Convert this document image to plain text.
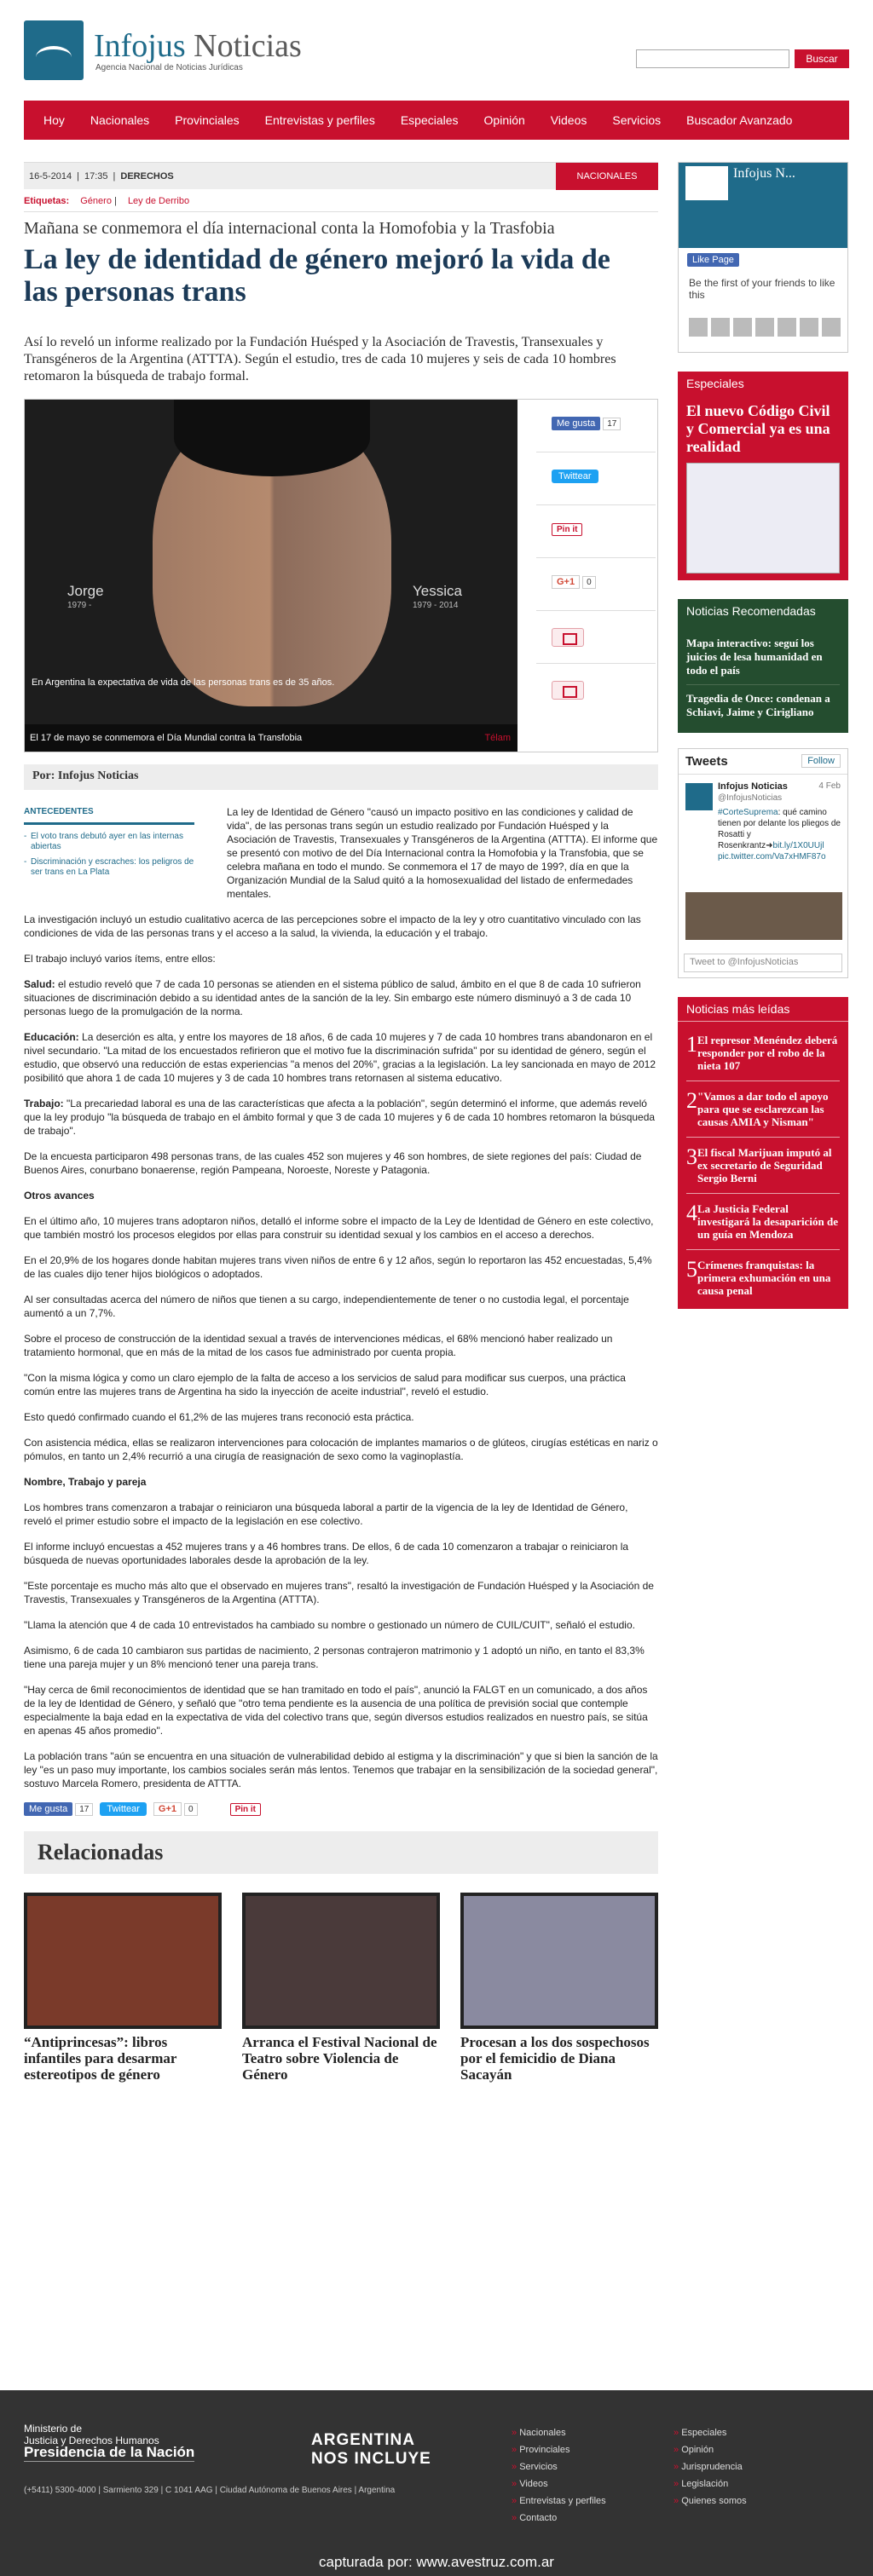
Infojus Noticias
Agencia Nacional de Noticias Jurídicas
Buscar
Hoy	Nacionales	Provinciales	Entrevistas y perfiles	Especiales	Opinión	Videos	Servicios	Buscador Avanzado
16-5-2014 | 17:35 | DERECHOS	NACIONALES
Etiquetas: Género | Ley de Derribo
Mañana se conmemora el día internacional conta la Homofobia y la Trasfobia
La ley de identidad de género mejoró la vida de las personas trans
Así lo reveló un informe realizado por la Fundación Huésped y la Asociación de Travestis, Transexuales y Transgéneros de la Argentina (ATTTA). Según el estudio, tres de cada 10 mujeres y seis de cada 10 hombres retomaron la búsqueda de trabajo formal.
Jorge
1979 -
Yessica
1979 - 2014
En Argentina la expectativa de vida de las personas trans es de 35 años.
El 17 de mayo se conmemora el Día Mundial contra la Transfobia	Télam
Me gusta 17
Twittear
Pin it
G+1 0
Por: Infojus Noticias
ANTECEDENTES
- El voto trans debutó ayer en las internas abiertas
- Discriminación y escraches: los peligros de ser trans en La Plata
La ley de Identidad de Género "causó un impacto positivo en las condiciones y calidad de vida", de las personas trans según un estudio realizado por Fundación Huésped y la Asociación de Travestis, Transexuales y Transgéneros de la Argentina (ATTTA). El informe que se presentó con motivo de del Día Internacional contra la Homofobia y la Transfobia, que se celebra mañana en todo el mundo. Se conmemora el 17 de mayo de 199?, día en que la Organización Mundial de la Salud quitó a la homosexualidad del listado de enfermedades mentales.
La investigación incluyó un estudio cualitativo acerca de las percepciones sobre el impacto de la ley y otro cuantitativo vinculado con las condiciones de vida de las personas trans y el acceso a la salud, la vivienda, la educación y el trabajo.
El trabajo incluyó varios ítems, entre ellos:
Salud: el estudio reveló que 7 de cada 10 personas se atienden en el sistema público de salud, ámbito en el que 8 de cada 10 sufrieron situaciones de discriminación debido a su identidad antes de la sanción de la ley. Sin embargo este número disminuyó a 3 de cada 10 personas luego de la promulgación de la norma.
Educación: La deserción es alta, y entre los mayores de 18 años, 6 de cada 10 mujeres y 7 de cada 10 hombres trans abandonaron en el nivel secundario. "La mitad de los encuestados refirieron que el motivo fue la discriminación sufrida" por su identidad de género, según el estudio, que observó una reducción de estas experiencias "a menos del 20%", gracias a la legislación. La ley sancionada en mayo de 2012 posibilitó que ahora 1 de cada 10 mujeres y 3 de cada 10 hombres trans retornasen al sistema educativo.
Trabajo: "La precariedad laboral es una de las características que afecta a la población", según determinó el informe, que además reveló que la ley produjo "la búsqueda de trabajo en el ámbito formal y que 3 de cada 10 mujeres y 6 de cada 10 hombres retomaron la búsqueda de trabajo".
De la encuesta participaron 498 personas trans, de las cuales 452 son mujeres y 46 son hombres, de siete regiones del país: Ciudad de Buenos Aires, conurbano bonaerense, región Pampeana, Noroeste, Noreste y Patagonia.
Otros avances
En el último año, 10 mujeres trans adoptaron niños, detalló el informe sobre el impacto de la Ley de Identidad de Género en este colectivo, que también mostró los procesos elegidos por ellas para construir su identidad sexual y los cambios en el acceso a derechos.
En el 20,9% de los hogares donde habitan mujeres trans viven niños de entre 6 y 12 años, según lo reportaron las 452 encuestadas, 5,4% de las cuales dijo tener hijos biológicos o adoptados.
Al ser consultadas acerca del número de niños que tienen a su cargo, independientemente de tener o no custodia legal, el porcentaje aumentó a un 7,7%.
Sobre el proceso de construcción de la identidad sexual a través de intervenciones médicas, el 68% mencionó haber realizado un tratamiento hormonal, que en más de la mitad de los casos fue administrado por cuenta propia.
"Con la misma lógica y como un claro ejemplo de la falta de acceso a los servicios de salud para modificar sus cuerpos, una práctica común entre las mujeres trans de Argentina ha sido la inyección de aceite industrial", reveló el estudio.
Esto quedó confirmado cuando el 61,2% de las mujeres trans reconoció esta práctica.
Con asistencia médica, ellas se realizaron intervenciones para colocación de implantes mamarios o de glúteos, cirugías estéticas en nariz o pómulos, en tanto un 2,4% recurrió a una cirugía de reasignación de sexo como la vaginoplastía.
Nombre, Trabajo y pareja
Los hombres trans comenzaron a trabajar o reiniciaron una búsqueda laboral a partir de la vigencia de la ley de Identidad de Género, reveló el primer estudio sobre el impacto de la legislación en ese colectivo.
El informe incluyó encuestas a 452 mujeres trans y a 46 hombres trans. De ellos, 6 de cada 10 comenzaron a trabajar o reiniciaron la búsqueda de nuevas oportunidades laborales desde la aprobación de la ley.
"Este porcentaje es mucho más alto que el observado en mujeres trans", resaltó la investigación de Fundación Huésped y la Asociación de Travestis, Transexuales y Transgéneros de la Argentina (ATTTA).
"Llama la atención que 4 de cada 10 entrevistados ha cambiado su nombre o gestionado un número de CUIL/CUIT", señaló el estudio.
Asimismo, 6 de cada 10 cambiaron sus partidas de nacimiento, 2 personas contrajeron matrimonio y 1 adoptó un niño, en tanto el 83,3% tiene una pareja mujer y un 8% mencionó tener una pareja trans.
"Hay cerca de 6mil reconocimientos de identidad que se han tramitado en todo el país", anunció la FALGT en un comunicado, a dos años de la ley de Identidad de Género, y señaló que "otro tema pendiente es la ausencia de una política de previsión social que contemple especialmente la baja edad en la expectativa de vida del colectivo trans que, según diversos estudios realizados en nuestro país, se sitúa en apenas 45 años promedio".
La población trans "aún se encuentra en una situación de vulnerabilidad debido al estigma y la discriminación" y que si bien la sanción de la ley "es un paso muy importante, los cambios sociales serán más lentos. Tenemos que trabajar en la sensibilización de la sociedad general", sostuvo Marcela Romero, presidenta de ATTTA.
Me gusta 17	Twittear	G+1 0	Pin it
Relacionadas
“Antiprincesas”: libros infantiles para desarmar estereotipos de género
Arranca el Festival Nacional de Teatro sobre Violencia de Género
Procesan a los dos sospechosos por el femicidio de Diana Sacayán
Infojus N...
Like Page
Be the first of your friends to like this
Especiales
El nuevo Código Civil y Comercial ya es una realidad
Noticias Recomendadas
Mapa interactivo: seguí los juicios de lesa humanidad en todo el país
Tragedia de Once: condenan a Schiavi, Jaime y Cirigliano
Tweets	Follow
Infojus Noticias
@InfojusNoticias
4 Feb
#CorteSuprema: qué camino tienen por delante los pliegos de Rosatti y Rosenkrantz➜bit.ly/1X0UUjl pic.twitter.com/Va7xHMF87o
Tweet to @InfojusNoticias
Noticias más leídas
1 El represor Menéndez deberá responder por el robo de la nieta 107
2 "Vamos a dar todo el apoyo para que se esclarezcan las causas AMIA y Nisman"
3 El fiscal Marijuan imputó al ex secretario de Seguridad Sergio Berni
4 La Justicia Federal investigará la desaparición de un guía en Mendoza
5 Crímenes franquistas: la primera exhumación en una causa penal
Ministerio de
Justicia y Derechos Humanos
Presidencia de la Nación
ARGENTINA
NOS INCLUYE
(+5411) 5300-4000 | Sarmiento 329 | C 1041 AAG | Ciudad Autónoma de Buenos Aires | Argentina
» Nacionales
» Provinciales
» Servicios
» Videos
» Entrevistas y perfiles
» Contacto
» Especiales
» Opinión
» Jurisprudencia
» Legislación
» Quienes somos
capturada por: www.avestruz.com.ar
